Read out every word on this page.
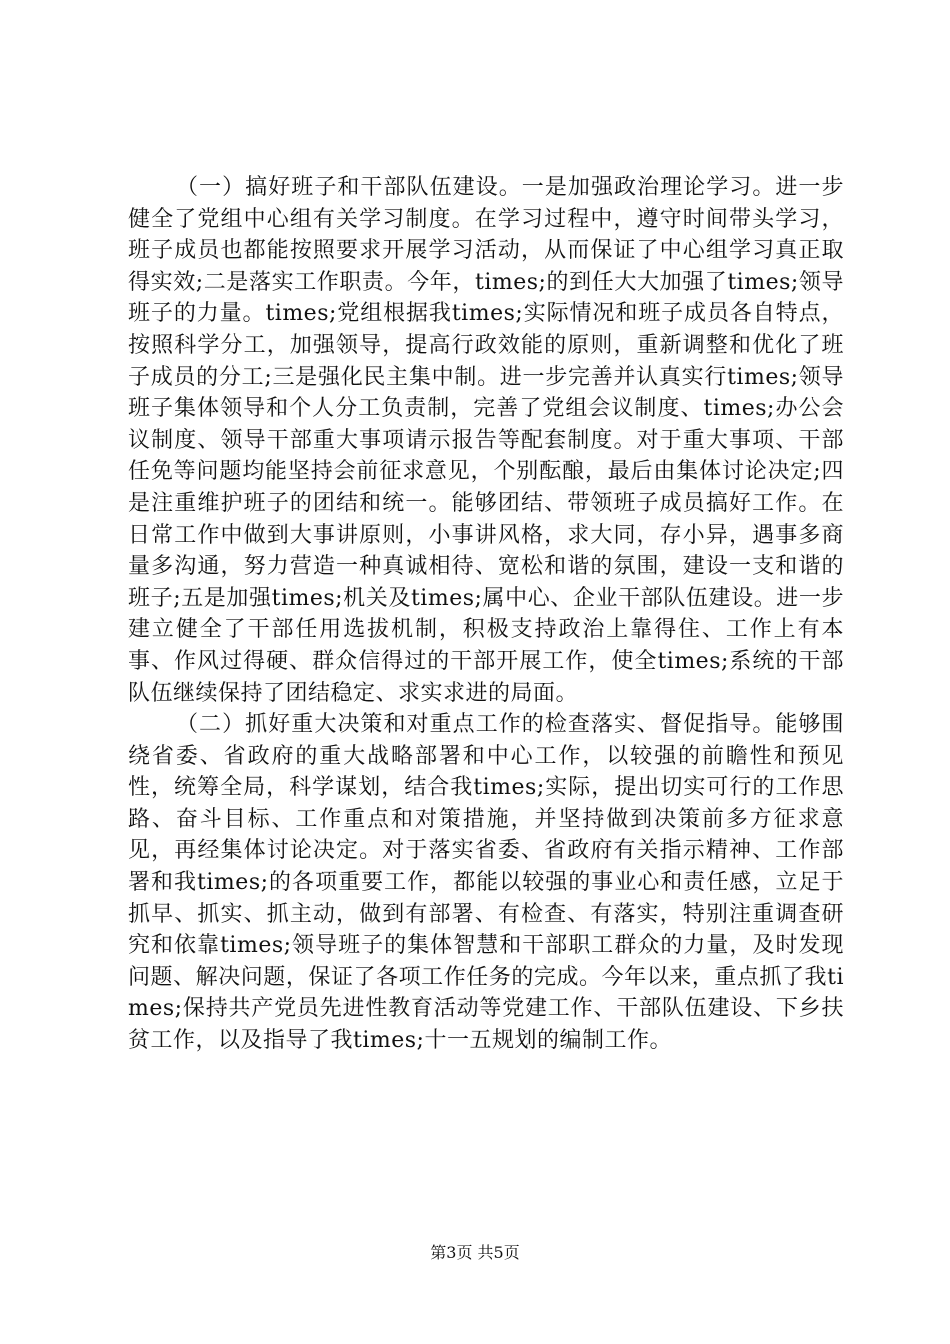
（一）搞好班子和干部队伍建设。一是加强政治理论学习。进一步健全了党组中心组有关学习制度。在学习过程中，遵守时间带头学习，班子成员也都能按照要求开展学习活动，从而保证了中心组学习真正取得实效;二是落实工作职责。今年，times;的到任大大加强了times;领导班子的力量。times;党组根据我times;实际情况和班子成员各自特点，按照科学分工，加强领导，提高行政效能的原则，重新调整和优化了班子成员的分工;三是强化民主集中制。进一步完善并认真实行times;领导班子集体领导和个人分工负责制，完善了党组会议制度、times;办公会议制度、领导干部重大事项请示报告等配套制度。对于重大事项、干部任免等问题均能坚持会前征求意见，个别酝酿，最后由集体讨论决定;四是注重维护班子的团结和统一。能够团结、带领班子成员搞好工作。在日常工作中做到大事讲原则，小事讲风格，求大同，存小异，遇事多商量多沟通，努力营造一种真诚相待、宽松和谐的氛围，建设一支和谐的班子;五是加强times;机关及times;属中心、企业干部队伍建设。进一步建立健全了干部任用选拔机制，积极支持政治上靠得住、工作上有本事、作风过得硬、群众信得过的干部开展工作，使全times;系统的干部队伍继续保持了团结稳定、求实求进的局面。

（二）抓好重大决策和对重点工作的检查落实、督促指导。能够围绕省委、省政府的重大战略部署和中心工作，以较强的前瞻性和预见性，统筹全局，科学谋划，结合我times;实际，提出切实可行的工作思路、奋斗目标、工作重点和对策措施，并坚持做到决策前多方征求意见，再经集体讨论决定。对于落实省委、省政府有关指示精神、工作部署和我times;的各项重要工作，都能以较强的事业心和责任感，立足于抓早、抓实、抓主动，做到有部署、有检查、有落实，特别注重调查研究和依靠times;领导班子的集体智慧和干部职工群众的力量，及时发现问题、解决问题，保证了各项工作任务的完成。今年以来，重点抓了我times;保持共产党员先进性教育活动等党建工作、干部队伍建设、下乡扶贫工作，以及指导了我times;十一五规划的编制工作。

第3页 共5页
